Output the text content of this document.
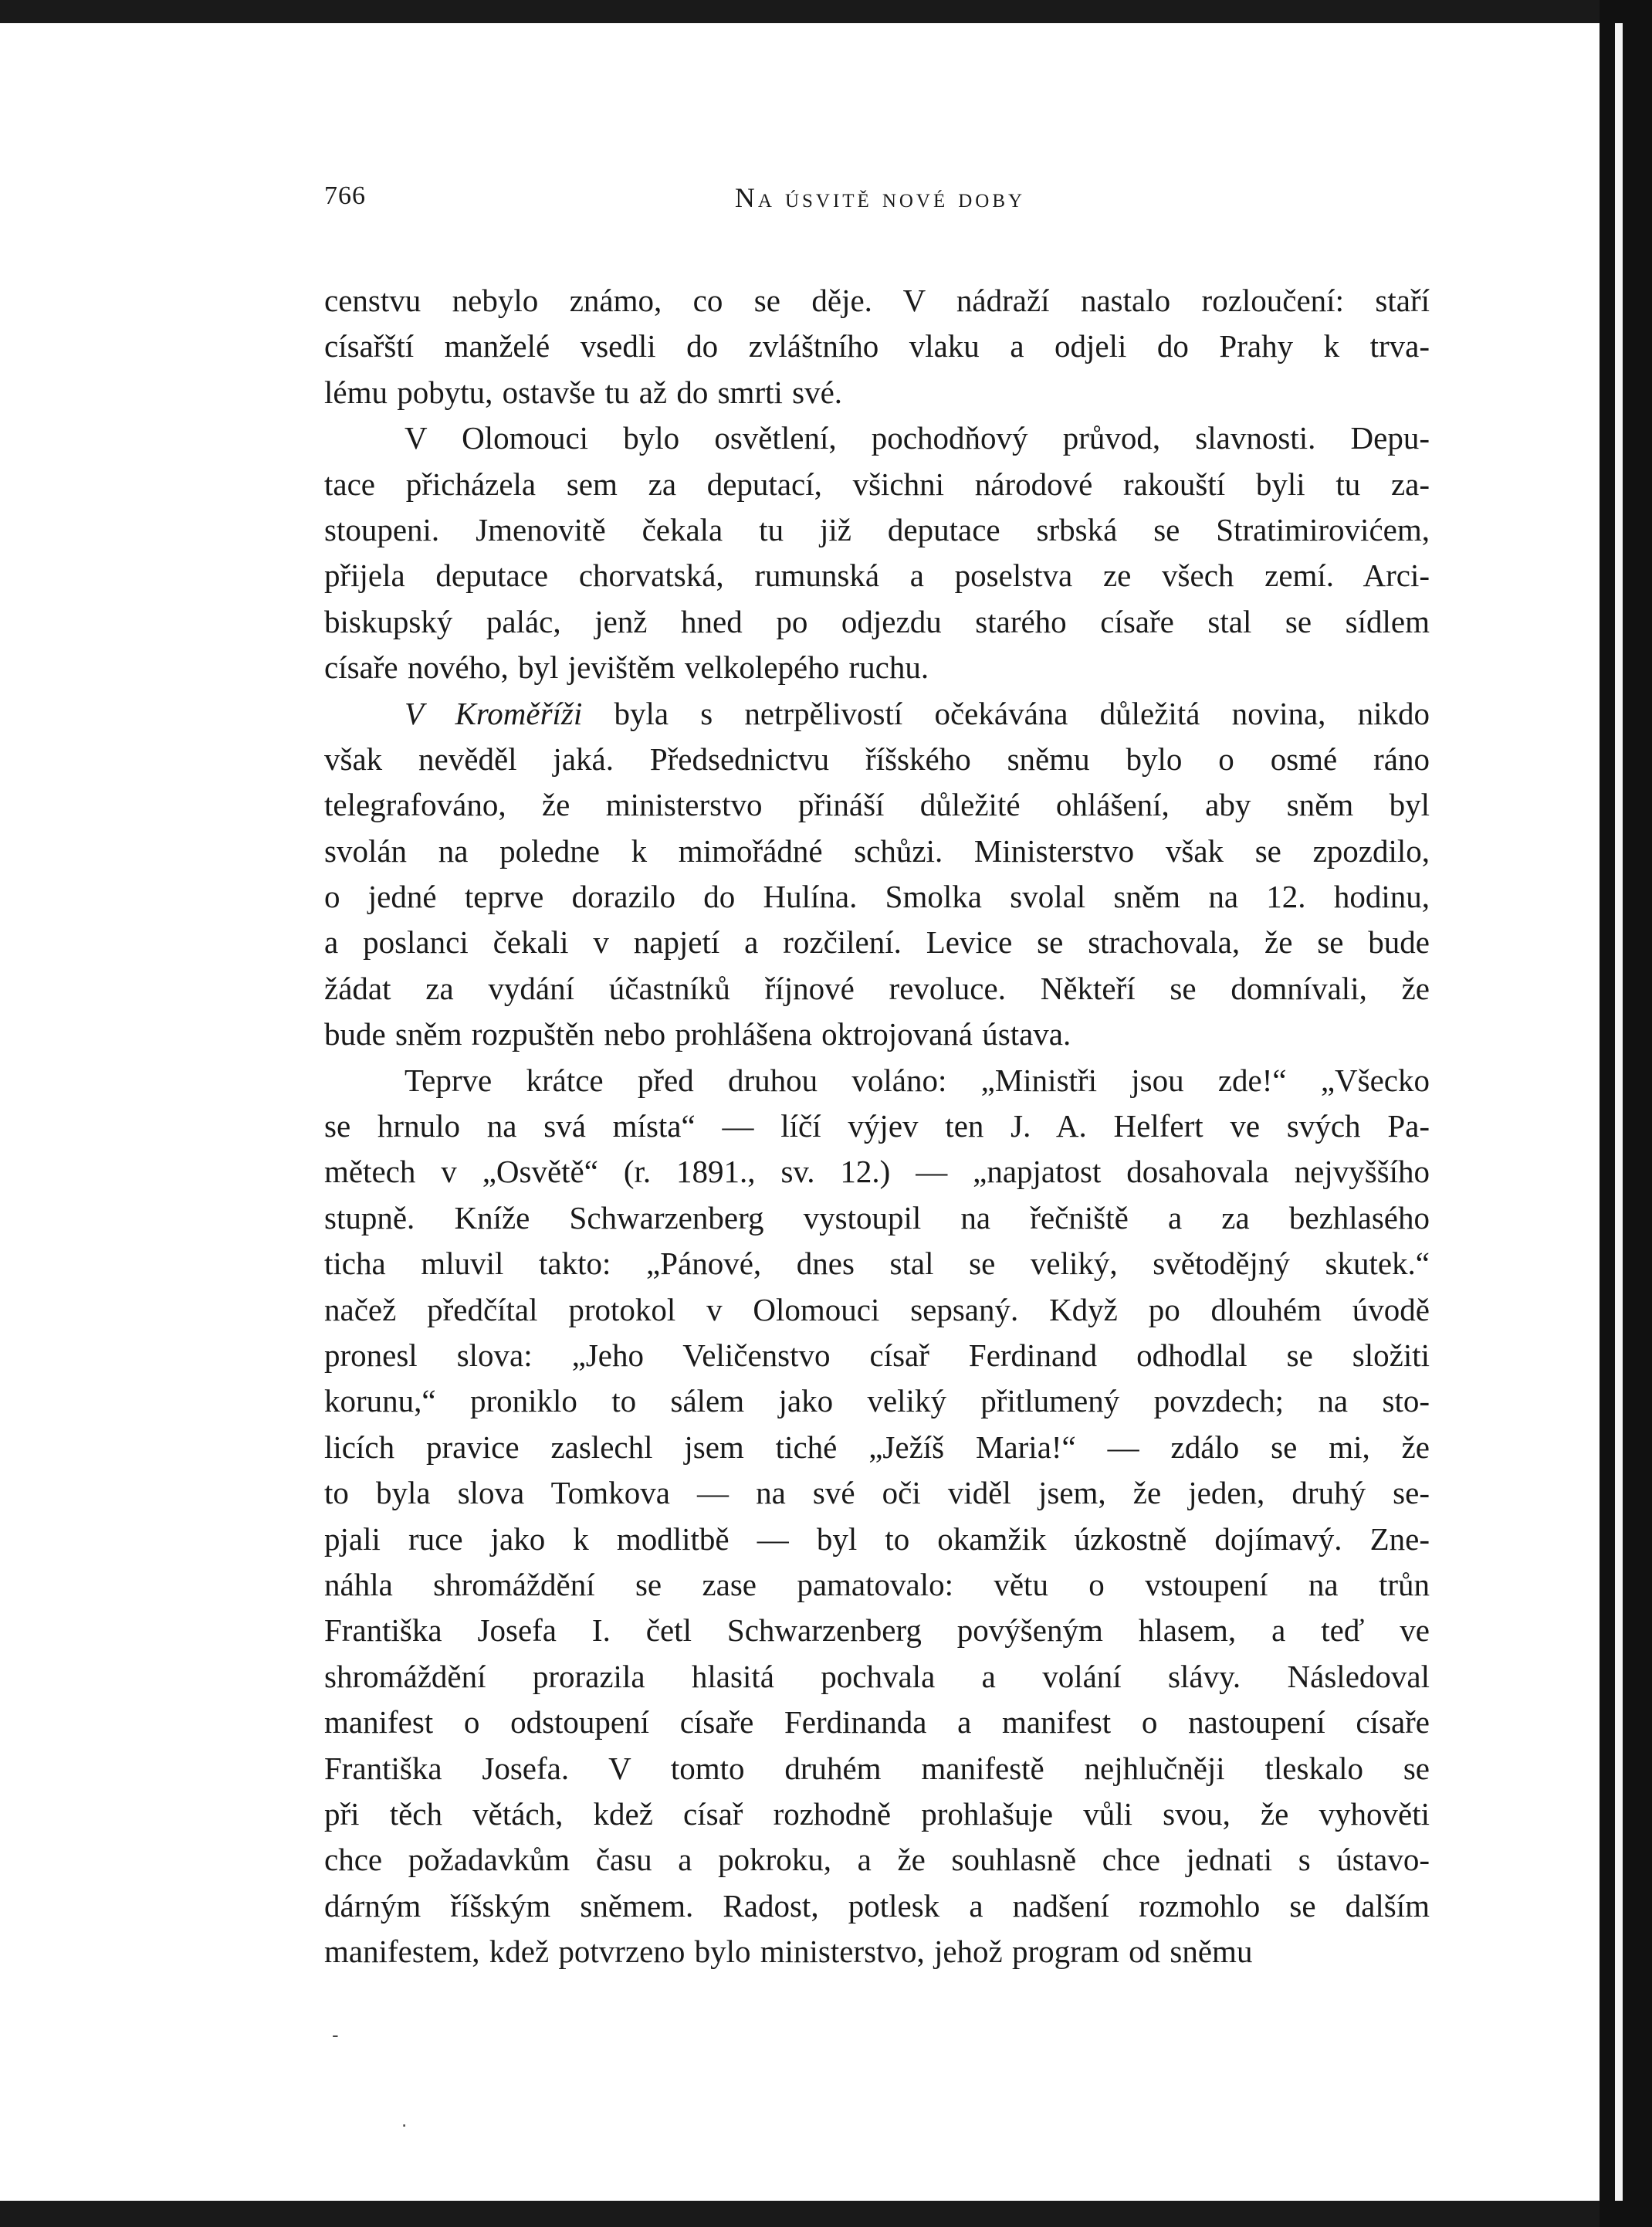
766	Na úsvitě nové doby
censtvu nebylo známo, co se děje. V nádraží nastalo rozloučení: staří
císařští manželé vsedli do zvláštního vlaku a odjeli do Prahy k trva-
lému pobytu, ostavše tu až do smrti své.
V Olomouci bylo osvětlení, pochodňový průvod, slavnosti. Depu-
tace přicházela sem za deputací, všichni národové rakouští byli tu za-
stoupeni. Jmenovitě čekala tu již deputace srbská se Stratimirovićem,
přijela deputace chorvatská, rumunská a poselstva ze všech zemí. Arci-
biskupský palác, jenž hned po odjezdu starého císaře stal se sídlem
císaře nového, byl jevištěm velkolepého ruchu.
V Kroměříži byla s netrpělivostí očekávána důležitá novina, nikdo
však nevěděl jaká. Předsednictvu říšského sněmu bylo o osmé ráno
telegrafováno, že ministerstvo přináší důležité ohlášení, aby sněm byl
svolán na poledne k mimořádné schůzi. Ministerstvo však se zpozdilo,
o jedné teprve dorazilo do Hulína. Smolka svolal sněm na 12. hodinu,
a poslanci čekali v napjetí a rozčilení. Levice se strachovala, že se bude
žádat za vydání účastníků říjnové revoluce. Někteří se domnívali, že
bude sněm rozpuštěn nebo prohlášena oktrojovaná ústava.
Teprve krátce před druhou voláno: „Ministři jsou zde!“ „Všecko
se hrnulo na svá místa“ — líčí výjev ten J. A. Helfert ve svých Pa-
mětech v „Osvětě“ (r. 1891., sv. 12.) — „napjatost dosahovala nejvyššího
stupně. Kníže Schwarzenberg vystoupil na řečniště a za bezhlasého
ticha mluvil takto: „Pánové, dnes stal se veliký, světodějný skutek.“
načež předčítal protokol v Olomouci sepsaný. Když po dlouhém úvodě
pronesl slova: „Jeho Veličenstvo císař Ferdinand odhodlal se složiti
korunu,“ proniklo to sálem jako veliký přitlumený povzdech; na sto-
licích pravice zaslechl jsem tiché „Ježíš Maria!“ — zdálo se mi, že
to byla slova Tomkova — na své oči viděl jsem, že jeden, druhý se-
pjali ruce jako k modlitbě — byl to okamžik úzkostně dojímavý. Zne-
náhla shromáždění se zase pamatovalo: větu o vstoupení na trůn
Františka Josefa I. četl Schwarzenberg povýšeným hlasem, a teď ve
shromáždění prorazila hlasitá pochvala a volání slávy. Následoval
manifest o odstoupení císaře Ferdinanda a manifest o nastoupení císaře
Františka Josefa. V tomto druhém manifestě nejhlučněji tleskalo se
při těch větách, kdež císař rozhodně prohlašuje vůli svou, že vyhověti
chce požadavkům času a pokroku, a že souhlasně chce jednati s ústavo-
dárným říšským sněmem. Radost, potlesk a nadšení rozmohlo se dalším
manifestem, kdež potvrzeno bylo ministerstvo, jehož program od sněmu
-
.
